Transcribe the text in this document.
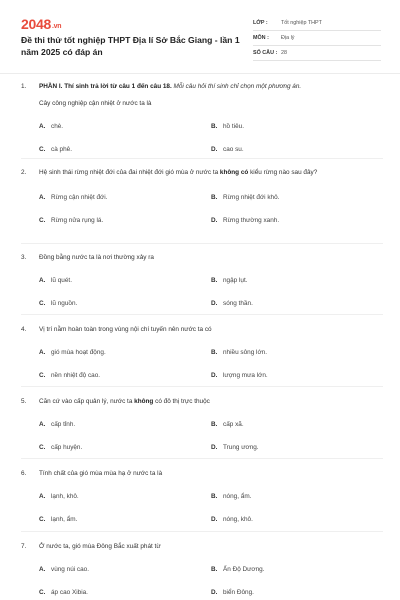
2048.vn
Đề thi thử tốt nghiệp THPT Địa lí Sở Bắc Giang - lần 1 năm 2025 có đáp án
LỚP :	Tốt nghiệp THPT
MÔN :	Địa lý
SỐ CÂU : 28
1.	PHẦN I. Thí sinh trả lời từ câu 1 đến câu 18. Mỗi câu hỏi thí sinh chỉ chọn một phương án.
Cây công nghiệp cận nhiệt ở nước ta là
A. chè.	B. hồ tiêu.
C. cà phê.	D. cao su.
2.	Hệ sinh thái rừng nhiệt đới của đai nhiệt đới gió mùa ở nước ta không có kiểu rừng nào sau đây?
A. Rừng cận nhiệt đới.	B. Rừng nhiệt đới khô.
C. Rừng nửa rụng lá.	D. Rừng thường xanh.
3.	Đồng bằng nước ta là nơi thường xảy ra
A. lũ quét.	B. ngập lụt.
C. lũ nguồn.	D. sóng thần.
4.	Vị trí nằm hoàn toàn trong vùng nội chí tuyến nên nước ta có
A. gió mùa hoạt động.	B. nhiều sông lớn.
C. nền nhiệt độ cao.	D. lượng mưa lớn.
5.	Căn cứ vào cấp quản lý, nước ta không có đô thị trực thuộc
A. cấp tỉnh.	B. cấp xã.
C. cấp huyện.	D. Trung ương.
6.	Tính chất của gió mùa mùa hạ ở nước ta là
A. lạnh, khô.	B. nóng, ẩm.
C. lạnh, ẩm.	D. nóng, khô.
7.	Ở nước ta, gió mùa Đông Bắc xuất phát từ
A. vùng núi cao.	B. Ấn Độ Dương.
C. áp cao Xibia.	D. biển Đông.
